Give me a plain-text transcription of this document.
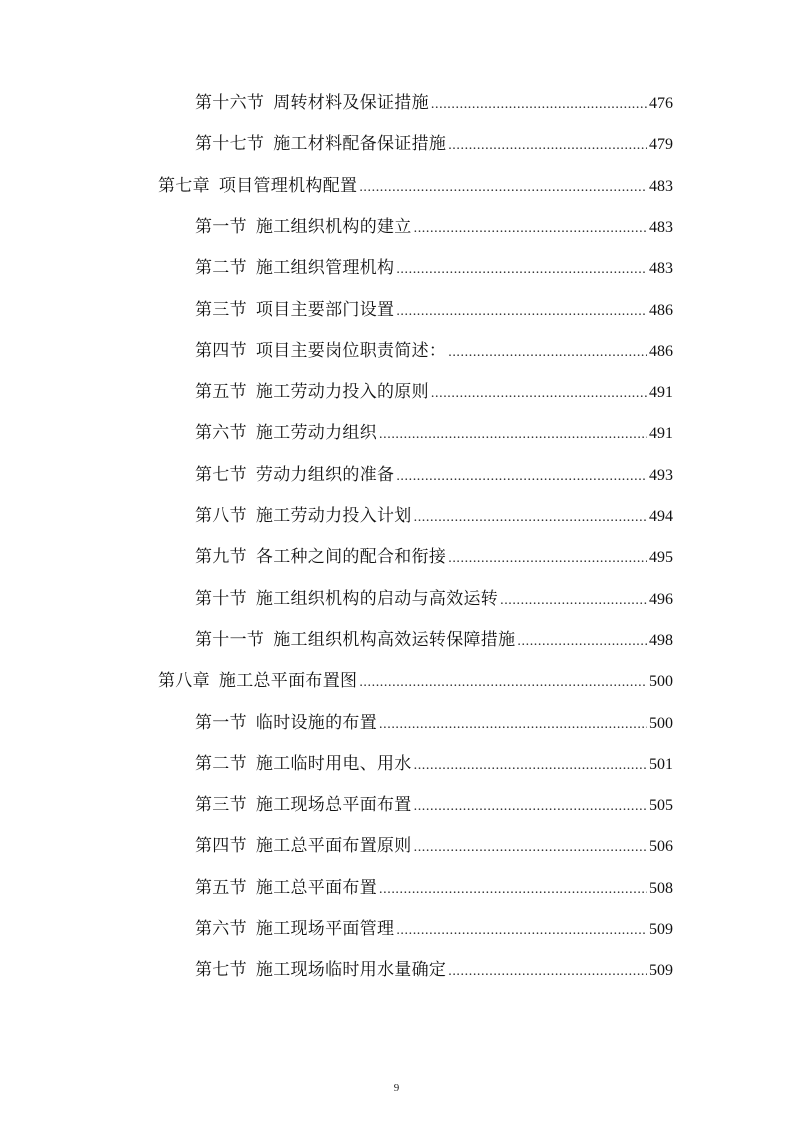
第十六节 周转材料及保证措施 .....	476
第十七节 施工材料配备保证措施 .....	479
第七章 项目管理机构配置 .....	483
第一节 施工组织机构的建立 .....	483
第二节 施工组织管理机构 .....	483
第三节 项目主要部门设置 .....	486
第四节 项目主要岗位职责简述： .....	486
第五节 施工劳动力投入的原则 .....	491
第六节 施工劳动力组织 .....	491
第七节 劳动力组织的准备 .....	493
第八节 施工劳动力投入计划 .....	494
第九节 各工种之间的配合和衔接 .....	495
第十节 施工组织机构的启动与高效运转 .....	496
第十一节 施工组织机构高效运转保障措施 .....	498
第八章 施工总平面布置图 .....	500
第一节 临时设施的布置 .....	500
第二节 施工临时用电、用水 .....	501
第三节 施工现场总平面布置 .....	505
第四节 施工总平面布置原则 .....	506
第五节 施工总平面布置 .....	508
第六节 施工现场平面管理 .....	509
第七节 施工现场临时用水量确定 .....	509
9
